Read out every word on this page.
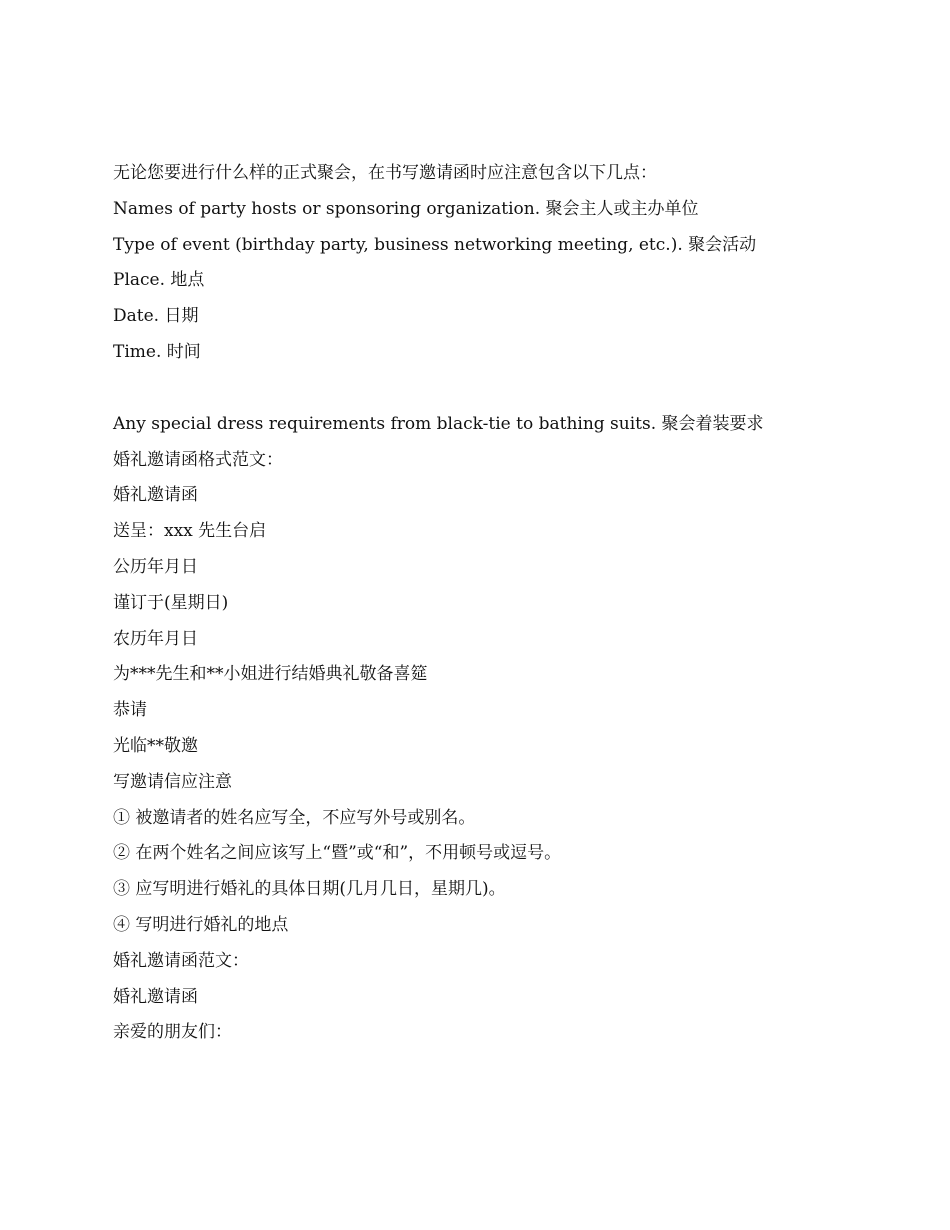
无论您要进行什么样的正式聚会，在书写邀请函时应注意包含以下几点：
Names of party hosts or sponsoring organization. 聚会主人或主办单位
Type of event (birthday party, business networking meeting, etc.). 聚会活动
Place. 地点
Date. 日期
Time. 时间
Any special dress requirements from black-tie to bathing suits. 聚会着装要求
婚礼邀请函格式范文：
婚礼邀请函
送呈：xxx 先生台启
公历年月日
谨订于(星期日)
农历年月日
为***先生和**小姐进行结婚典礼敬备喜筵
恭请
光临**敬邀
写邀请信应注意
① 被邀请者的姓名应写全，不应写外号或别名。
② 在两个姓名之间应该写上“暨”或“和”，不用顿号或逗号。
③ 应写明进行婚礼的具体日期(几月几日，星期几)。
④ 写明进行婚礼的地点
婚礼邀请函范文：
婚礼邀请函
亲爱的朋友们：
